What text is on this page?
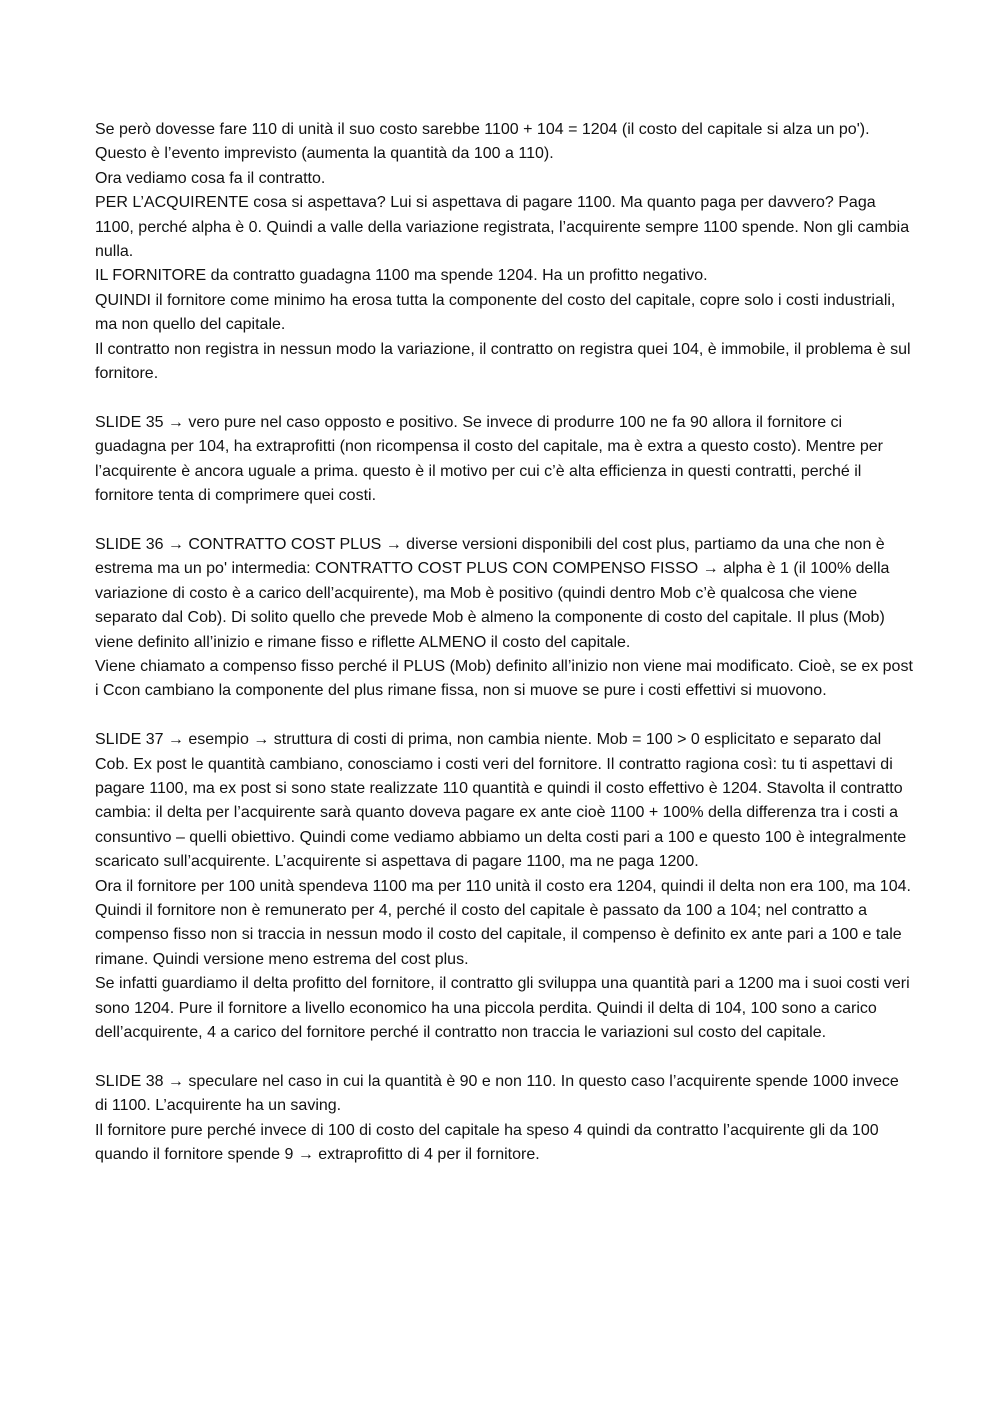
Se però dovesse fare 110 di unità il suo costo sarebbe 1100 + 104 = 1204 (il costo del capitale si alza un po'). Questo è l’evento imprevisto (aumenta la quantità da 100 a 110).

Ora vediamo cosa fa il contratto.

PER L’ACQUIRENTE cosa si aspettava? Lui si aspettava di pagare 1100. Ma quanto paga per davvero? Paga 1100, perché alpha è 0. Quindi a valle della variazione registrata, l’acquirente sempre 1100 spende. Non gli cambia nulla.

IL FORNITORE da contratto guadagna 1100 ma spende 1204. Ha un profitto negativo.

QUINDI il fornitore come minimo ha erosa tutta la componente del costo del capitale, copre solo i costi industriali, ma non quello del capitale.

Il contratto non registra in nessun modo la variazione, il contratto on registra quei 104, è immobile, il problema è sul fornitore.

SLIDE 35 → vero pure nel caso opposto e positivo. Se invece di produrre 100 ne fa 90 allora il fornitore ci guadagna per 104, ha extraprofitti (non ricompensa il costo del capitale, ma è extra a questo costo). Mentre per l’acquirente è ancora uguale a prima. questo è il motivo per cui c’è alta efficienza in questi contratti, perché il fornitore tenta di comprimere quei costi.

SLIDE 36 → CONTRATTO COST PLUS → diverse versioni disponibili del cost plus, partiamo da una che non è estrema ma un po' intermedia: CONTRATTO COST PLUS CON COMPENSO FISSO → alpha è 1 (il 100% della variazione di costo è a carico dell’acquirente), ma Mob è positivo (quindi dentro Mob c’è qualcosa che viene separato dal Cob). Di solito quello che prevede Mob è almeno la componente di costo del capitale. Il plus (Mob) viene definito all’inizio e rimane fisso e riflette ALMENO il costo del capitale.

Viene chiamato a compenso fisso perché il PLUS (Mob) definito all’inizio non viene mai modificato. Cioè, se ex post i Ccon cambiano la componente del plus rimane fissa, non si muove se pure i costi effettivi si muovono.

SLIDE 37 → esempio → struttura di costi di prima, non cambia niente. Mob = 100 > 0 esplicitato e separato dal Cob. Ex post le quantità cambiano, conosciamo i costi veri del fornitore. Il contratto ragiona così: tu ti aspettavi di pagare 1100, ma ex post si sono state realizzate 110 quantità e quindi il costo effettivo è 1204. Stavolta il contratto cambia: il delta per l’acquirente sarà quanto doveva pagare ex ante cioè 1100 + 100% della differenza tra i costi a consuntivo – quelli obiettivo. Quindi come vediamo abbiamo un delta costi pari a 100 e questo 100 è integralmente scaricato sull’acquirente. L’acquirente si aspettava di pagare 1100, ma ne paga 1200.

Ora il fornitore per 100 unità spendeva 1100 ma per 110 unità il costo era 1204, quindi il delta non era 100, ma 104. Quindi il fornitore non è remunerato per 4, perché il costo del capitale è passato da 100 a 104; nel contratto a compenso fisso non si traccia in nessun modo il costo del capitale, il compenso è definito ex ante pari a 100 e tale rimane. Quindi versione meno estrema del cost plus.

Se infatti guardiamo il delta profitto del fornitore, il contratto gli sviluppa una quantità pari a 1200 ma i suoi costi veri sono 1204. Pure il fornitore a livello economico ha una piccola perdita. Quindi il delta di 104, 100 sono a carico dell’acquirente, 4 a carico del fornitore perché il contratto non traccia le variazioni sul costo del capitale.

SLIDE 38 → speculare nel caso in cui la quantità è 90 e non 110. In questo caso l’acquirente spende 1000 invece di 1100. L’acquirente ha un saving.

Il fornitore pure perché invece di 100 di costo del capitale ha speso 4 quindi da contratto l’acquirente gli da 100 quando il fornitore spende 9 → extraprofitto di 4 per il fornitore.
